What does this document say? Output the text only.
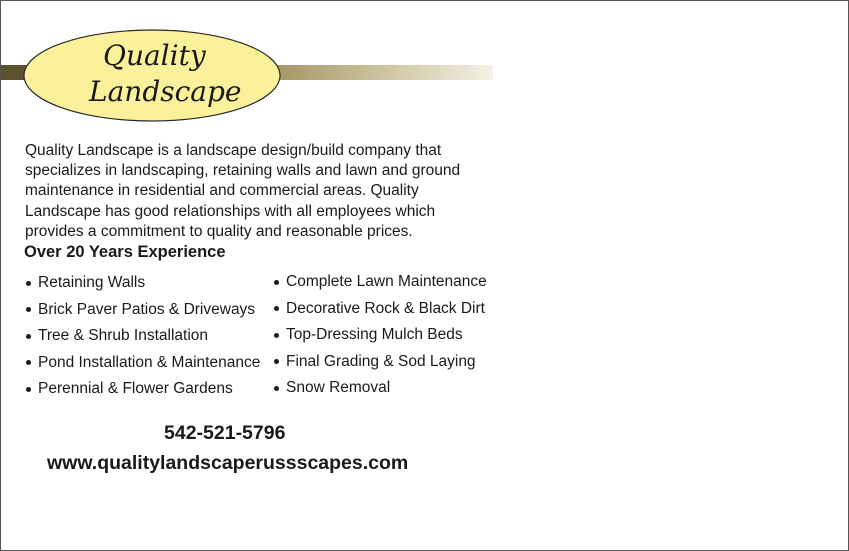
Quality
Landscape

Quality Landscape is a landscape design/build company that specializes in landscaping, retaining walls and lawn and ground maintenance in residential and commercial areas. Quality Landscape has good relationships with all employees which provides a commitment to quality and reasonable prices.

Over 20 Years Experience

Retaining Walls
Brick Paver Patios & Driveways
Tree & Shrub Installation
Pond Installation & Maintenance
Perennial & Flower Gardens
Complete Lawn Maintenance
Decorative Rock & Black Dirt
Top-Dressing Mulch Beds
Final Grading & Sod Laying
Snow Removal
542-521-5796
www.qualitylandscaperussscapes.com
